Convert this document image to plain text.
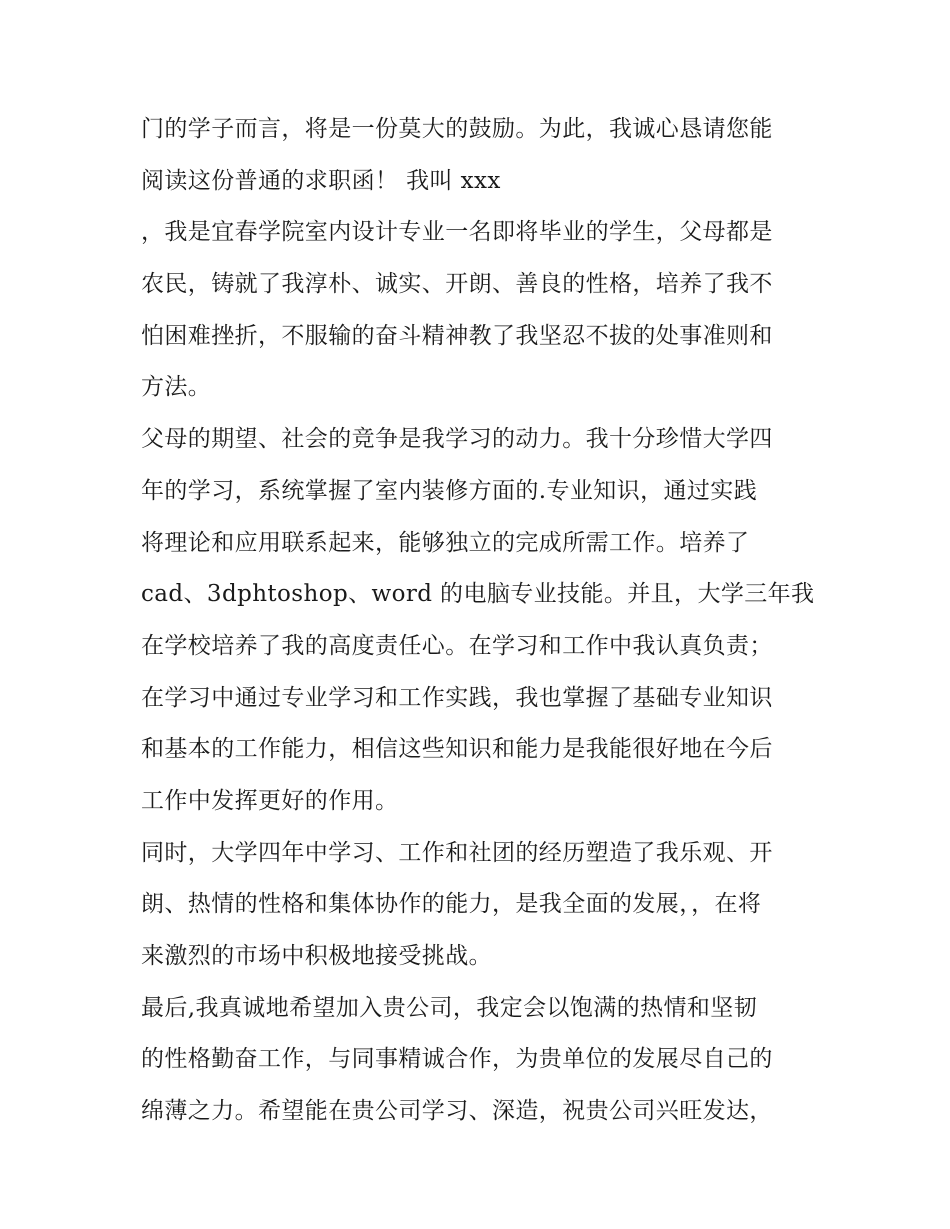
门的学子而言，将是一份莫大的鼓励。为此，我诚心恳请您能
阅读这份普通的求职函！ 我叫 xxx
，我是宜春学院室内设计专业一名即将毕业的学生，父母都是
农民，铸就了我淳朴、诚实、开朗、善良的性格，培养了我不
怕困难挫折，不服输的奋斗精神教了我坚忍不拔的处事准则和
方法。
父母的期望、社会的竞争是我学习的动力。我十分珍惜大学四
年的学习，系统掌握了室内装修方面的.专业知识，通过实践
将理论和应用联系起来，能够独立的完成所需工作。培养了
cad、3dphtoshop、word 的电脑专业技能。并且，大学三年我
在学校培养了我的高度责任心。在学习和工作中我认真负责；
在学习中通过专业学习和工作实践，我也掌握了基础专业知识
和基本的工作能力，相信这些知识和能力是我能很好地在今后
工作中发挥更好的作用。
同时，大学四年中学习、工作和社团的经历塑造了我乐观、开
朗、热情的性格和集体协作的能力，是我全面的发展，，在将
来激烈的市场中积极地接受挑战。
最后,我真诚地希望加入贵公司，我定会以饱满的热情和坚韧
的性格勤奋工作，与同事精诚合作，为贵单位的发展尽自己的
绵薄之力。希望能在贵公司学习、深造，祝贵公司兴旺发达，
